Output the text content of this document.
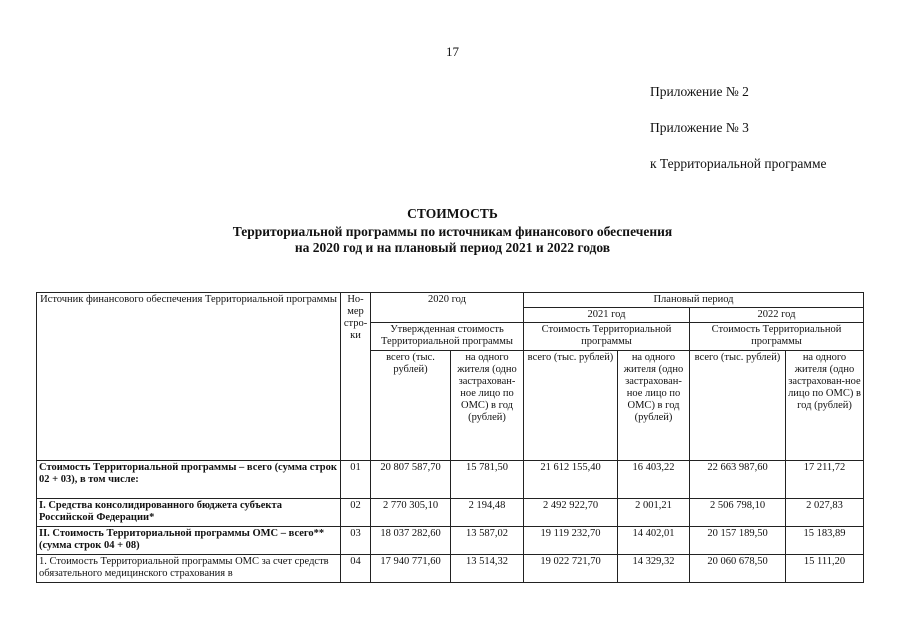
17
Приложение № 2
Приложение № 3
к Территориальной программе
СТОИМОСТЬ
Территориальной программы по источникам финансового обеспечения
на 2020 год и на плановый период 2021 и 2022 годов
Источник финансового обеспечения Территориальной программы	Но-мер стро-ки	2020 год		Плановый период			
				2021 год		2022 год	
		Утвержденная стоимость Территориальной программы		Стоимость Территориальной программы		Стоимость Территориальной программы	
		всего (тыс. рублей)	на одного жителя (одно застрахован-ное лицо по ОМС) в год (рублей)	всего (тыс. рублей)	на одного жителя (одно застрахован-ное лицо по ОМС) в год (рублей)	всего (тыс. рублей)	на одного жителя (одно застрахован-ное лицо по ОМС) в год (рублей)
Стоимость Территориальной программы – всего (сумма строк 02 + 03), в том числе:	01	20 807 587,70	15 781,50	21 612 155,40	16 403,22	22 663 987,60	17 211,72
I. Средства консолидированного бюджета субъекта Российской Федерации*	02	2 770 305,10	2 194,48	2 492 922,70	2 001,21	2 506 798,10	2 027,83
II. Стоимость Территориальной программы ОМС – всего** (сумма строк 04 + 08)	03	18 037 282,60	13 587,02	19 119 232,70	14 402,01	20 157 189,50	15 183,89
1. Стоимость Территориальной программы ОМС за счет средств обязательного медицинского страхования в	04	17 940 771,60	13 514,32	19 022 721,70	14 329,32	20 060 678,50	15 111,20
